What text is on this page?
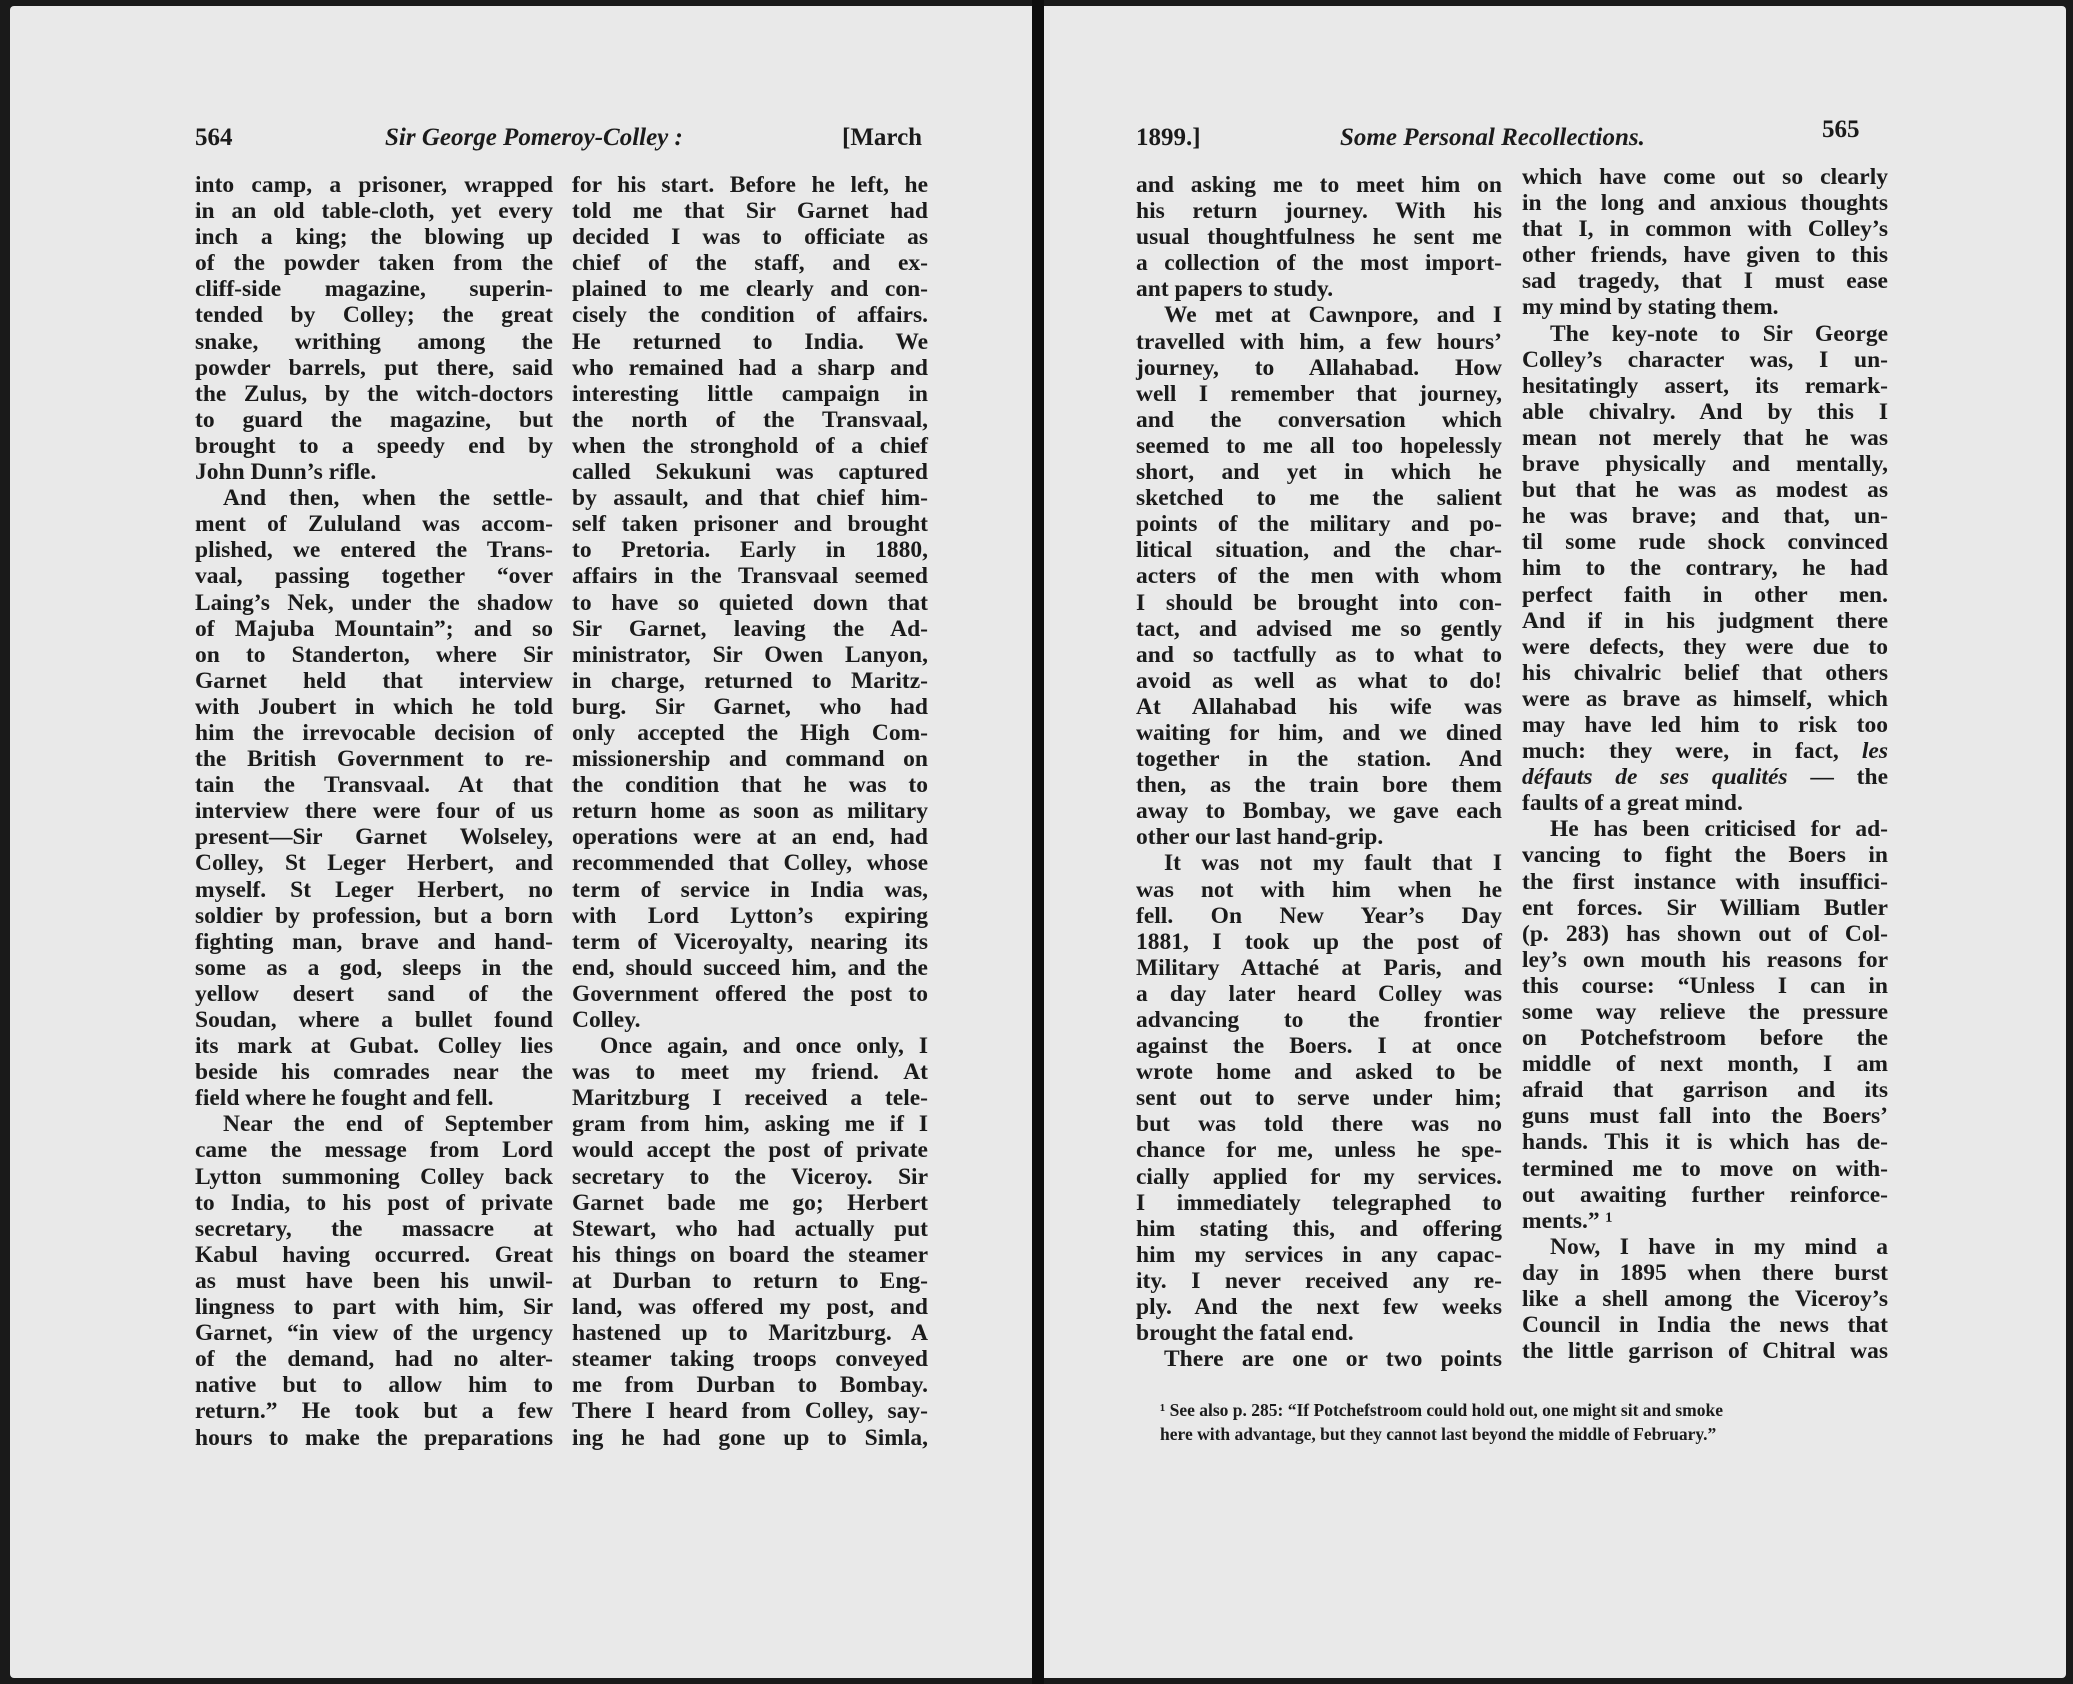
564	Sir George Pomeroy-Colley :	[March
into camp, a prisoner, wrapped
in an old table-cloth, yet every
inch a king; the blowing up
of the powder taken from the
cliff-side magazine, superin-
tended by Colley; the great
snake, writhing among the
powder barrels, put there, said
the Zulus, by the witch-doctors
to guard the magazine, but
brought to a speedy end by
John Dunn’s rifle.
And then, when the settle-
ment of Zululand was accom-
plished, we entered the Trans-
vaal, passing together “over
Laing’s Nek, under the shadow
of Majuba Mountain”; and so
on to Standerton, where Sir
Garnet held that interview
with Joubert in which he told
him the irrevocable decision of
the British Government to re-
tain the Transvaal. At that
interview there were four of us
present—Sir Garnet Wolseley,
Colley, St Leger Herbert, and
myself. St Leger Herbert, no
soldier by profession, but a born
fighting man, brave and hand-
some as a god, sleeps in the
yellow desert sand of the
Soudan, where a bullet found
its mark at Gubat. Colley lies
beside his comrades near the
field where he fought and fell.
Near the end of September
came the message from Lord
Lytton summoning Colley back
to India, to his post of private
secretary, the massacre at
Kabul having occurred. Great
as must have been his unwil-
lingness to part with him, Sir
Garnet, “in view of the urgency
of the demand, had no alter-
native but to allow him to
return.” He took but a few
hours to make the preparations
for his start. Before he left, he
told me that Sir Garnet had
decided I was to officiate as
chief of the staff, and ex-
plained to me clearly and con-
cisely the condition of affairs.
He returned to India. We
who remained had a sharp and
interesting little campaign in
the north of the Transvaal,
when the stronghold of a chief
called Sekukuni was captured
by assault, and that chief him-
self taken prisoner and brought
to Pretoria. Early in 1880,
affairs in the Transvaal seemed
to have so quieted down that
Sir Garnet, leaving the Ad-
ministrator, Sir Owen Lanyon,
in charge, returned to Maritz-
burg. Sir Garnet, who had
only accepted the High Com-
missionership and command on
the condition that he was to
return home as soon as military
operations were at an end, had
recommended that Colley, whose
term of service in India was,
with Lord Lytton’s expiring
term of Viceroyalty, nearing its
end, should succeed him, and the
Government offered the post to
Colley.
Once again, and once only, I
was to meet my friend. At
Maritzburg I received a tele-
gram from him, asking me if I
would accept the post of private
secretary to the Viceroy. Sir
Garnet bade me go; Herbert
Stewart, who had actually put
his things on board the steamer
at Durban to return to Eng-
land, was offered my post, and
hastened up to Maritzburg. A
steamer taking troops conveyed
me from Durban to Bombay.
There I heard from Colley, say-
ing he had gone up to Simla,
1899.]	Some Personal Recollections.	565
and asking me to meet him on
his return journey. With his
usual thoughtfulness he sent me
a collection of the most import-
ant papers to study.
We met at Cawnpore, and I
travelled with him, a few hours’
journey, to Allahabad. How
well I remember that journey,
and the conversation which
seemed to me all too hopelessly
short, and yet in which he
sketched to me the salient
points of the military and po-
litical situation, and the char-
acters of the men with whom
I should be brought into con-
tact, and advised me so gently
and so tactfully as to what to
avoid as well as what to do!
At Allahabad his wife was
waiting for him, and we dined
together in the station. And
then, as the train bore them
away to Bombay, we gave each
other our last hand-grip.
It was not my fault that I
was not with him when he
fell. On New Year’s Day
1881, I took up the post of
Military Attaché at Paris, and
a day later heard Colley was
advancing to the frontier
against the Boers. I at once
wrote home and asked to be
sent out to serve under him;
but was told there was no
chance for me, unless he spe-
cially applied for my services.
I immediately telegraphed to
him stating this, and offering
him my services in any capac-
ity. I never received any re-
ply. And the next few weeks
brought the fatal end.
There are one or two points
which have come out so clearly
in the long and anxious thoughts
that I, in common with Colley’s
other friends, have given to this
sad tragedy, that I must ease
my mind by stating them.
The key-note to Sir George
Colley’s character was, I un-
hesitatingly assert, its remark-
able chivalry. And by this I
mean not merely that he was
brave physically and mentally,
but that he was as modest as
he was brave; and that, un-
til some rude shock convinced
him to the contrary, he had
perfect faith in other men.
And if in his judgment there
were defects, they were due to
his chivalric belief that others
were as brave as himself, which
may have led him to risk too
much: they were, in fact, les
défauts de ses qualités — the
faults of a great mind.
He has been criticised for ad-
vancing to fight the Boers in
the first instance with insuffici-
ent forces. Sir William Butler
(p. 283) has shown out of Col-
ley’s own mouth his reasons for
this course: “Unless I can in
some way relieve the pressure
on Potchefstroom before the
middle of next month, I am
afraid that garrison and its
guns must fall into the Boers’
hands. This it is which has de-
termined me to move on with-
out awaiting further reinforce-
ments.” ¹
Now, I have in my mind a
day in 1895 when there burst
like a shell among the Viceroy’s
Council in India the news that
the little garrison of Chitral was
¹ See also p. 285: “If Potchefstroom could hold out, one might sit and smoke
here with advantage, but they cannot last beyond the middle of February.”
